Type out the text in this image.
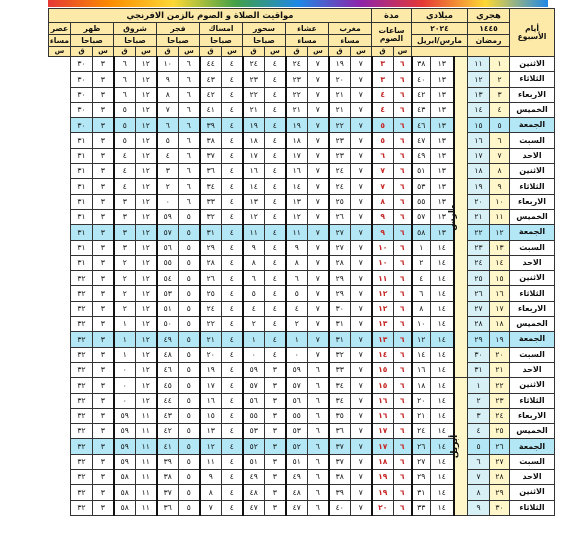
أيام الأسبوع	هجري		ميلادي			مدة		مواقيت الصلاة و الصوم بالزمن الافرنجي															
	١٤٤٥		٢٠٢٤			ساعات الصوم		مغرب		عشاء		سحور		امساك		فجر		شروق		ظهر		عصر	
	رمضان		مارس/ابريل					مساء		مساء		صباحا		صباحا		صباحا		صباحا		صباحا		مساء	
						س	ق	س	ق	س	ق	س	ق	س	ق	س	ق	س	ق	س	ق	س	
الاثنين	١	١١	مارس	١٣	٣٨	٦	٣	٧	١٩	٧	٢٤	٤	٢٤	٤	٤٤	٦	١٠	١٢	٦	٣	٣٠		
الثلاثاء	٢	١٢		١٣	٤٠	٦	٣	٧	٢٠	٧	٢٣	٤	٢٣	٤	٤٣	٦	٩	١٢	٦	٣	٣٠		
الاربعاء	٣	١٣		١٣	٤٢	٦	٤	٧	٢١	٧	٢٢	٤	٢٢	٤	٤٢	٦	٨	١٢	٦	٣	٣٠		
الخميس	٤	١٤		١٣	٤٣	٦	٤	٧	٢١	٧	٢١	٤	٢١	٤	٤١	٦	٧	١٢	٥	٣	٣٠		
الجمعة	٥	١٥		١٣	٤٦	٦	٥	٧	٢٢	٧	١٩	٤	١٩	٤	٣٩	٦	٦	١٢	٥	٣	٣٠		
السبت	٦	١٦		١٣	٤٧	٦	٥	٧	٢٣	٧	١٨	٤	١٨	٤	٣٨	٦	٥	١٢	٥	٣	٣١		
الاحد	٧	١٧		١٣	٤٩	٦	٦	٧	٢٣	٧	١٧	٤	١٧	٤	٣٧	٦	٤	١٢	٤	٣	٣١		
الاثنين	٨	١٨		١٣	٥١	٦	٧	٧	٢٤	٧	١٦	٤	١٦	٤	٣٦	٦	٣	١٢	٤	٣	٣١		
الثلاثاء	٩	١٩		١٣	٥٣	٦	٧	٧	٢٤	٧	١٤	٤	١٤	٤	٣٤	٦	٢	١٢	٤	٣	٣١		
الاربعاء	١٠	٢٠		١٣	٥٥	٦	٨	٧	٢٥	٧	١٣	٤	١٣	٤	٣٣	٦	٠	١٢	٣	٣	٣١		
الخميس	١١	٢١		١٣	٥٧	٦	٩	٧	٢٦	٧	١٢	٤	١٢	٤	٣٢	٥	٥٩	١٢	٣	٣	٣١		
الجمعة	١٢	٢٢		١٣	٥٨	٦	٩	٧	٢٧	٧	١١	٤	١١	٤	٣١	٥	٥٧	١٢	٣	٣	٣١		
السبت	١٣	٢٣		١٤	١	٦	١٠	٧	٢٧	٧	٩	٤	٩	٤	٢٩	٥	٥٦	١٢	٣	٣	٣١		
الاحد	١٤	٢٤		١٤	٢	٦	١٠	٧	٢٨	٧	٨	٤	٨	٤	٢٨	٥	٥٥	١٢	٢	٣	٣١		
الاثنين	١٥	٢٥		١٤	٤	٦	١١	٧	٢٩	٧	٦	٤	٦	٤	٢٦	٥	٥٤	١٢	٢	٣	٣٢		
الثلاثاء	١٦	٢٦		١٤	٦	٦	١٢	٧	٢٩	٧	٥	٤	٥	٤	٢٥	٥	٥٣	١٢	٢	٣	٣٢		
الاربعاء	١٧	٢٧		١٤	٨	٦	١٢	٧	٣٠	٧	٤	٤	٤	٤	٢٤	٥	٥١	١٢	٢	٣	٣٢		
الخميس	١٨	٢٨		١٤	١٠	٦	١٣	٧	٣١	٧	٢	٤	٢	٤	٢٢	٥	٥٠	١٢	١	٣	٣٢		
الجمعة	١٩	٢٩		١٤	١٢	٦	١٣	٧	٣١	٧	١	٤	١	٤	٢١	٥	٤٩	١٢	١	٣	٣٢		
السبت	٢٠	٣٠		١٤	١٤	٦	١٤	٧	٣٢	٧	٠	٤	٠	٤	٢٠	٥	٤٨	١٢	١	٣	٣٢		
الاحد	٢١	٣١		١٤	١٦	٦	١٥	٧	٣٣	٦	٥٩	٣	٥٩	٤	١٩	٥	٤٦	١٢	٠	٣	٣٢		
الاثنين	٢٢	١	أبريل	١٤	١٨	٦	١٥	٧	٣٤	٦	٥٧	٣	٥٧	٤	١٧	٥	٤٥	١٢	٠	٣	٣٢		
الثلاثاء	٢٣	٢		١٤	٢٠	٦	١٦	٧	٣٤	٦	٥٦	٣	٥٦	٤	١٦	٥	٤٤	١٢	٠	٣	٣٢		
الاربعاء	٢٤	٣		١٤	٢١	٦	١٦	٧	٣٥	٦	٥٥	٣	٥٥	٤	١٥	٥	٤٣	١١	٥٩	٣	٣٢		
الخميس	٢٥	٤		١٤	٢٤	٦	١٧	٧	٣٦	٦	٥٣	٣	٥٣	٤	١٣	٥	٤٢	١١	٥٩	٣	٣٢		
الجمعة	٢٦	٥		١٤	٢٦	٦	١٧	٧	٣٧	٦	٥٢	٣	٥٢	٤	١٢	٥	٤١	١١	٥٩	٣	٣٢		
السبت	٢٧	٦		١٤	٢٧	٦	١٨	٧	٣٧	٦	٥١	٣	٥١	٤	١١	٥	٣٩	١١	٥٩	٣	٣٢		
الاحد	٢٨	٧		١٤	٢٩	٦	١٩	٧	٣٨	٦	٤٩	٣	٤٩	٤	٩	٥	٣٨	١١	٥٨	٣	٣٢		
الاثنين	٢٩	٨		١٤	٣١	٦	١٩	٧	٣٩	٦	٤٨	٣	٤٨	٤	٨	٥	٣٧	١١	٥٨	٣	٣٢		
الثلاثاء	٣٠	٩		١٤	٣٣	٦	٢٠	٧	٤٠	٦	٤٧	٣	٤٧	٤	٧	٥	٣٦	١١	٥٨	٣	٣٢		
